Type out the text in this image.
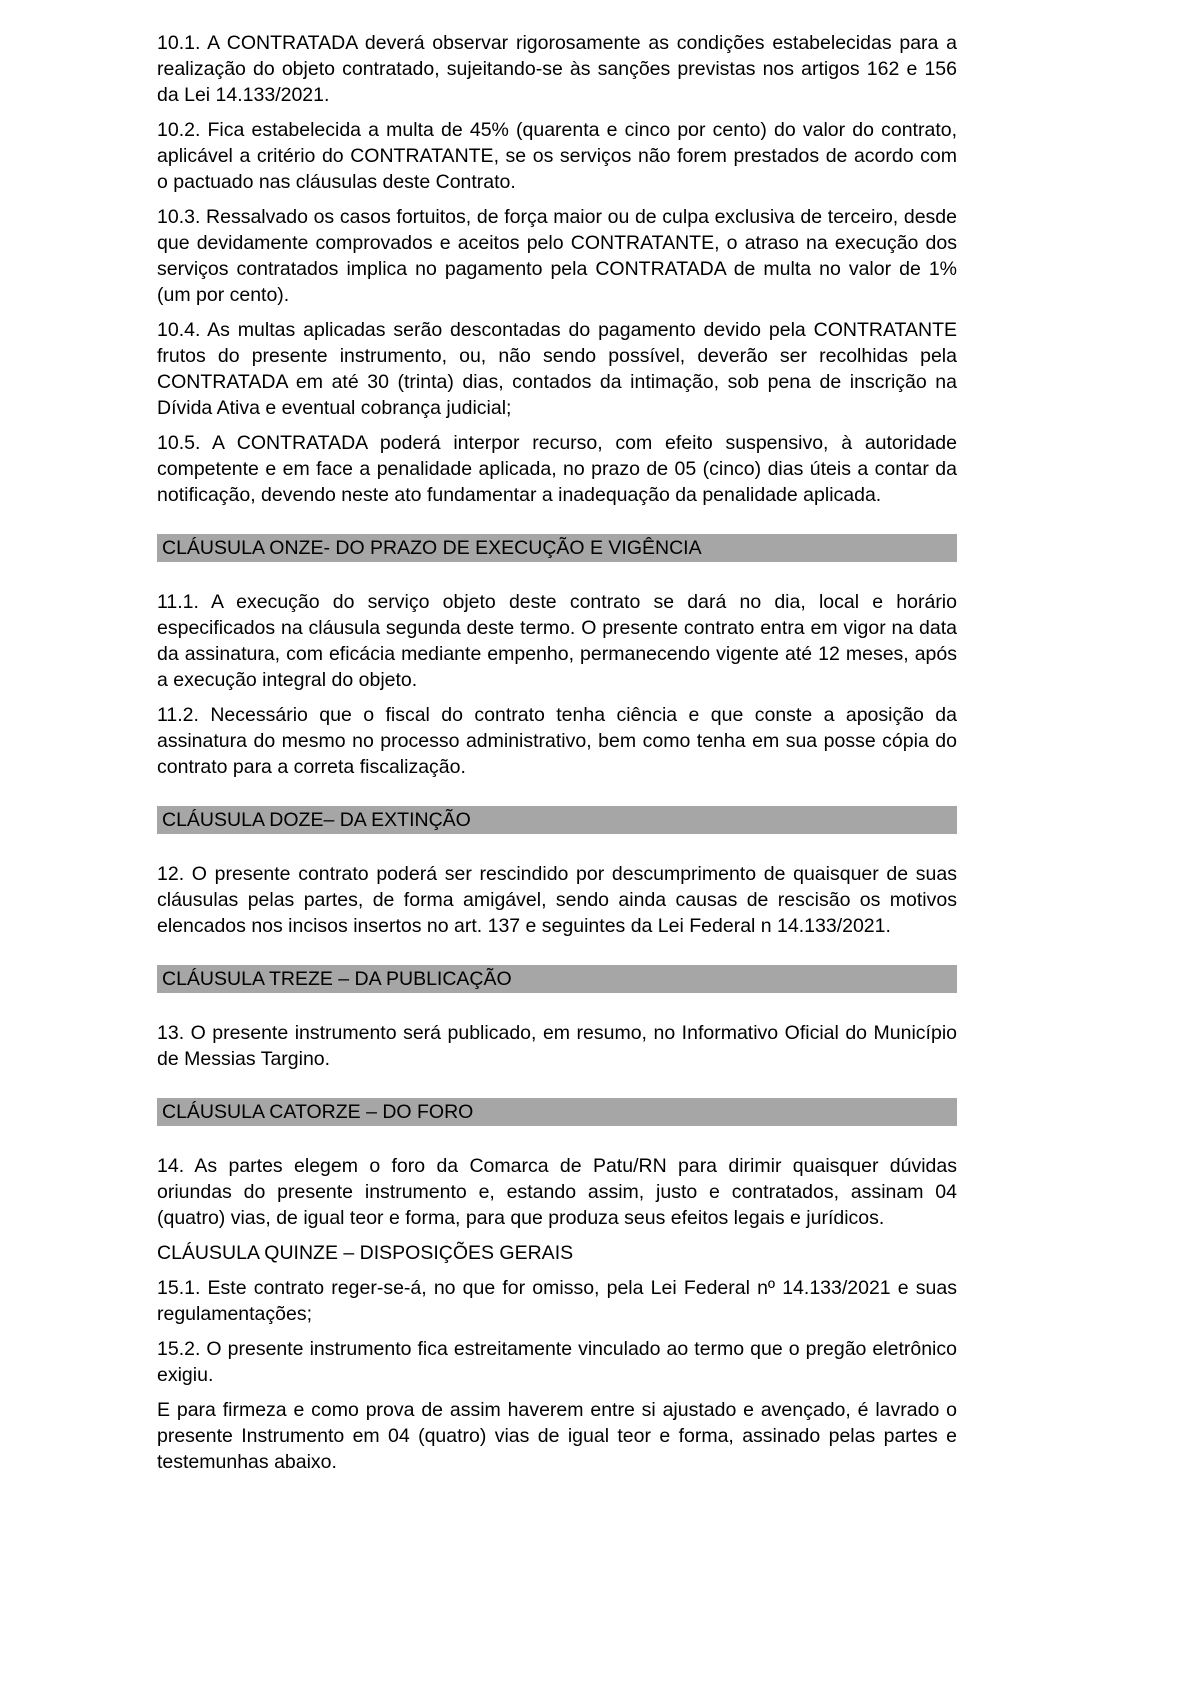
10.1. A CONTRATADA deverá observar rigorosamente as condições estabelecidas para a realização do objeto contratado, sujeitando-se às sanções previstas nos artigos 162 e 156 da Lei 14.133/2021.
10.2. Fica estabelecida a multa de 45% (quarenta e cinco por cento) do valor do contrato, aplicável a critério do CONTRATANTE, se os serviços não forem prestados de acordo com o pactuado nas cláusulas deste Contrato.
10.3. Ressalvado os casos fortuitos, de força maior ou de culpa exclusiva de terceiro, desde que devidamente comprovados e aceitos pelo CONTRATANTE, o atraso na execução dos serviços contratados implica no pagamento pela CONTRATADA de multa no valor de 1% (um por cento).
10.4. As multas aplicadas serão descontadas do pagamento devido pela CONTRATANTE frutos do presente instrumento, ou, não sendo possível, deverão ser recolhidas pela CONTRATADA em até 30 (trinta) dias, contados da intimação, sob pena de inscrição na Dívida Ativa e eventual cobrança judicial;
10.5. A CONTRATADA poderá interpor recurso, com efeito suspensivo, à autoridade competente e em face a penalidade aplicada, no prazo de 05 (cinco) dias úteis a contar da notificação, devendo neste ato fundamentar a inadequação da penalidade aplicada.
CLÁUSULA ONZE- DO PRAZO DE EXECUÇÃO E VIGÊNCIA
11.1. A execução do serviço objeto deste contrato se dará no dia, local e horário especificados na cláusula segunda deste termo. O presente contrato entra em vigor na data da assinatura, com eficácia mediante empenho, permanecendo vigente até 12 meses, após a execução integral do objeto.
11.2. Necessário que o fiscal do contrato tenha ciência e que conste a aposição da assinatura do mesmo no processo administrativo, bem como tenha em sua posse cópia do contrato para a correta fiscalização.
CLÁUSULA DOZE– DA EXTINÇÃO
12. O presente contrato poderá ser rescindido por descumprimento de quaisquer de suas cláusulas pelas partes, de forma amigável, sendo ainda causas de rescisão os motivos elencados nos incisos insertos no art. 137 e seguintes da Lei Federal n 14.133/2021.
CLÁUSULA TREZE – DA PUBLICAÇÃO
13. O presente instrumento será publicado, em resumo, no Informativo Oficial do Município de Messias Targino.
CLÁUSULA CATORZE – DO FORO
14. As partes elegem o foro da Comarca de Patu/RN para dirimir quaisquer dúvidas oriundas do presente instrumento e, estando assim, justo e contratados, assinam 04 (quatro) vias, de igual teor e forma, para que produza seus efeitos legais e jurídicos.
CLÁUSULA QUINZE – DISPOSIÇÕES GERAIS
15.1. Este contrato reger-se-á, no que for omisso, pela Lei Federal nº 14.133/2021 e suas regulamentações;
15.2. O presente instrumento fica estreitamente vinculado ao termo que o pregão eletrônico exigiu.
E para firmeza e como prova de assim haverem entre si ajustado e avençado, é lavrado o presente Instrumento em 04 (quatro) vias de igual teor e forma, assinado pelas partes e testemunhas abaixo.
